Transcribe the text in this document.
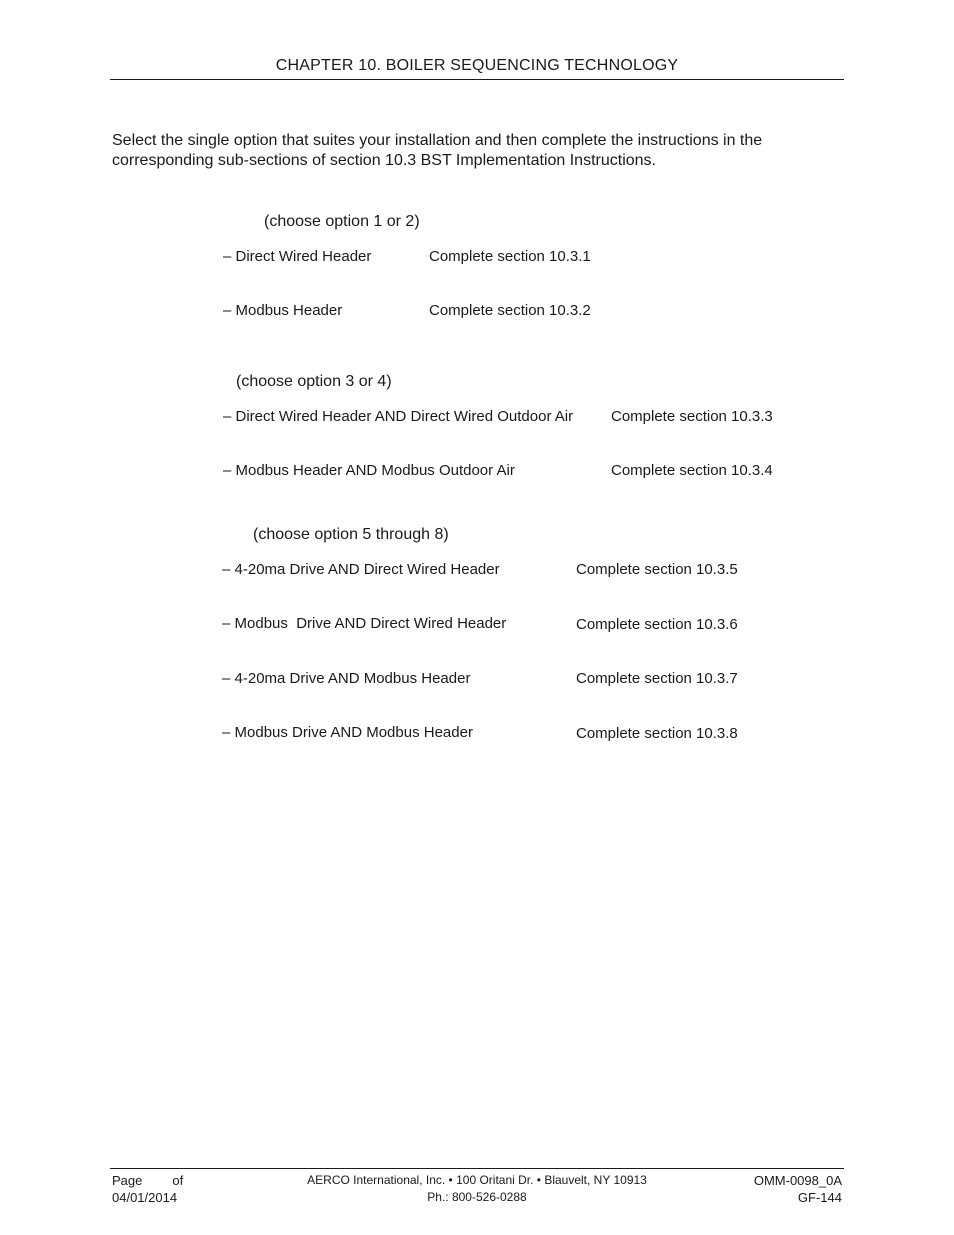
CHAPTER 10. BOILER SEQUENCING TECHNOLOGY
Select the single option that suites your installation and then complete the instructions in the corresponding sub-sections of section 10.3 BST Implementation Instructions.
(choose option 1 or 2)
– Direct Wired Header	Complete section 10.3.1
– Modbus Header	Complete section 10.3.2
(choose option 3 or 4)
– Direct Wired Header AND Direct Wired Outdoor Air	Complete section 10.3.3
– Modbus Header AND Modbus Outdoor Air	Complete section 10.3.4
(choose option 5 through 8)
– 4-20ma Drive AND Direct Wired Header	Complete section 10.3.5
– Modbus  Drive AND Direct Wired Header	Complete section 10.3.6
– 4-20ma Drive AND Modbus Header	Complete section 10.3.7
– Modbus Drive AND Modbus Header	Complete section 10.3.8
Page of
04/01/2014
AERCO International, Inc. • 100 Oritani Dr. • Blauvelt, NY 10913
Ph.: 800-526-0288
OMM-0098_0A
GF-144
